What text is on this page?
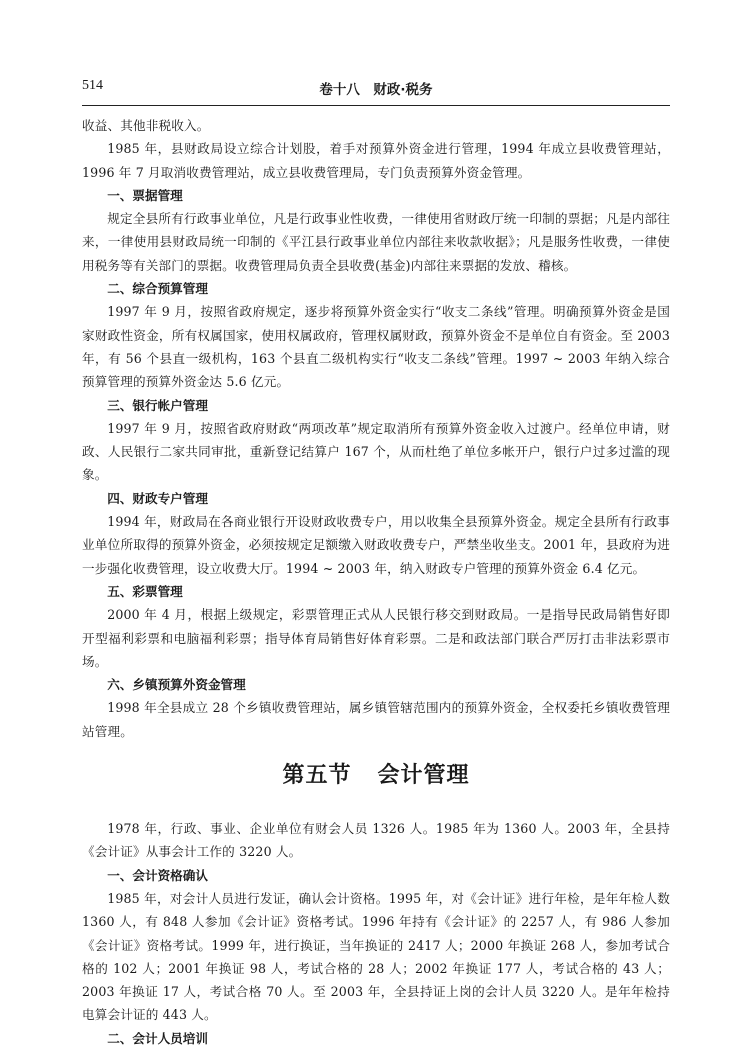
514	卷十八　财政·税务

收益、其他非税收入。

1985 年，县财政局设立综合计划股，着手对预算外资金进行管理，1994 年成立县收费管理站，1996 年 7 月取消收费管理站，成立县收费管理局，专门负责预算外资金管理。

一、票据管理

规定全县所有行政事业单位，凡是行政事业性收费，一律使用省财政厅统一印制的票据；凡是内部往来，一律使用县财政局统一印制的《平江县行政事业单位内部往来收款收据》；凡是服务性收费，一律使用税务等有关部门的票据。收费管理局负责全县收费(基金)内部往来票据的发放、稽核。

二、综合预算管理

1997 年 9 月，按照省政府规定，逐步将预算外资金实行“收支二条线”管理。明确预算外资金是国家财政性资金，所有权属国家，使用权属政府，管理权属财政，预算外资金不是单位自有资金。至 2003 年，有 56 个县直一级机构，163 个县直二级机构实行“收支二条线”管理。1997 ~ 2003 年纳入综合预算管理的预算外资金达 5.6 亿元。

三、银行帐户管理

1997 年 9 月，按照省政府财政“两项改革”规定取消所有预算外资金收入过渡户。经单位申请，财政、人民银行二家共同审批，重新登记结算户 167 个，从而杜绝了单位多帐开户，银行户过多过滥的现象。

四、财政专户管理

1994 年，财政局在各商业银行开设财政收费专户，用以收集全县预算外资金。规定全县所有行政事业单位所取得的预算外资金，必须按规定足额缴入财政收费专户，严禁坐收坐支。2001 年，县政府为进一步强化收费管理，设立收费大厅。1994 ~ 2003 年，纳入财政专户管理的预算外资金 6.4 亿元。

五、彩票管理

2000 年 4 月，根据上级规定，彩票管理正式从人民银行移交到财政局。一是指导民政局销售好即开型福利彩票和电脑福利彩票；指导体育局销售好体育彩票。二是和政法部门联合严厉打击非法彩票市场。

六、乡镇预算外资金管理

1998 年全县成立 28 个乡镇收费管理站，属乡镇管辖范围内的预算外资金，全权委托乡镇收费管理站管理。

第五节 会计管理

1978 年，行政、事业、企业单位有财会人员 1326 人。1985 年为 1360 人。2003 年，全县持《会计证》从事会计工作的 3220 人。

一、会计资格确认

1985 年，对会计人员进行发证，确认会计资格。1995 年，对《会计证》进行年检，是年年检人数 1360 人，有 848 人参加《会计证》资格考试。1996 年持有《会计证》的 2257 人，有 986 人参加《会计证》资格考试。1999 年，进行换证，当年换证的 2417 人；2000 年换证 268 人，参加考试合格的 102 人；2001 年换证 98 人，考试合格的 28 人；2002 年换证 177 人，考试合格的 43 人；2003 年换证 17 人，考试合格 70 人。至 2003 年，全县持证上岗的会计人员 3220 人。是年年检持电算会计证的 443 人。

二、会计人员培训
